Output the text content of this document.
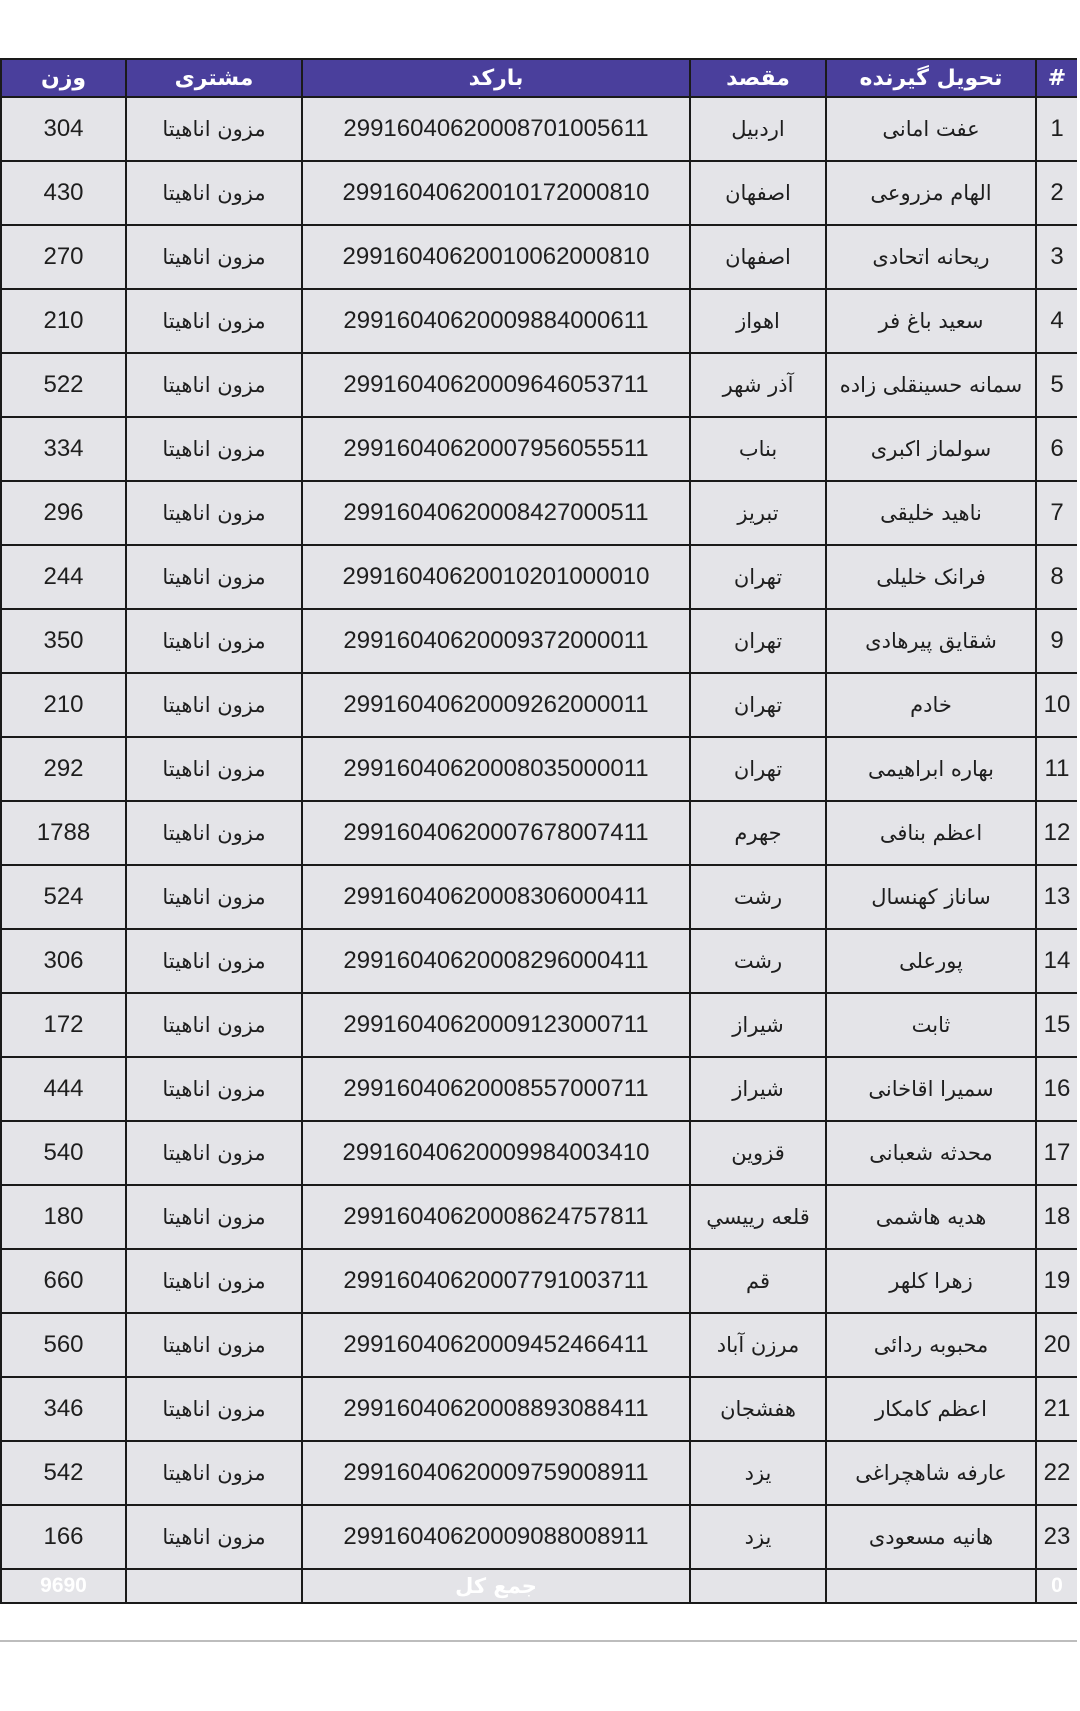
#	تحویل گیرنده	مقصد	بارکد	مشتری	وزن
1	عفت امانی	اردبیل	29916040620008701005611	مزون اناهیتا	304
2	الهام مزروعی	اصفهان	29916040620010172000810	مزون اناهیتا	430
3	ریحانه اتحادی	اصفهان	29916040620010062000810	مزون اناهیتا	270
4	سعید باغ فر	اهواز	29916040620009884000611	مزون اناهیتا	210
5	سمانه حسینقلی زاده	آذر شهر	29916040620009646053711	مزون اناهیتا	522
6	سولماز اکبری	بناب	29916040620007956055511	مزون اناهیتا	334
7	ناهید خلیقی	تبریز	29916040620008427000511	مزون اناهیتا	296
8	فرانک خلیلی	تهران	29916040620010201000010	مزون اناهیتا	244
9	شقایق پیرهادی	تهران	29916040620009372000011	مزون اناهیتا	350
10	خادم	تهران	29916040620009262000011	مزون اناهیتا	210
11	بهاره ابراهیمی	تهران	29916040620008035000011	مزون اناهیتا	292
12	اعظم بنافی	جهرم	29916040620007678007411	مزون اناهیتا	1788
13	ساناز کهنسال	رشت	29916040620008306000411	مزون اناهیتا	524
14	پورعلی	رشت	29916040620008296000411	مزون اناهیتا	306
15	ثابت	شیراز	29916040620009123000711	مزون اناهیتا	172
16	سمیرا اقاخانی	شیراز	29916040620008557000711	مزون اناهیتا	444
17	محدثه شعبانی	قزوین	29916040620009984003410	مزون اناهیتا	540
18	هدیه هاشمی	قلعه رییسي	29916040620008624757811	مزون اناهیتا	180
19	زهرا کلهر	قم	29916040620007791003711	مزون اناهیتا	660
20	محبوبه ردائی	مرزن آباد	29916040620009452466411	مزون اناهیتا	560
21	اعظم کامکار	هفشجان	29916040620008893088411	مزون اناهیتا	346
22	عارفه شاهچراغی	یزد	29916040620009759008911	مزون اناهیتا	542
23	هانیه مسعودی	یزد	29916040620009088008911	مزون اناهیتا	166
0			جمع کل		9690
